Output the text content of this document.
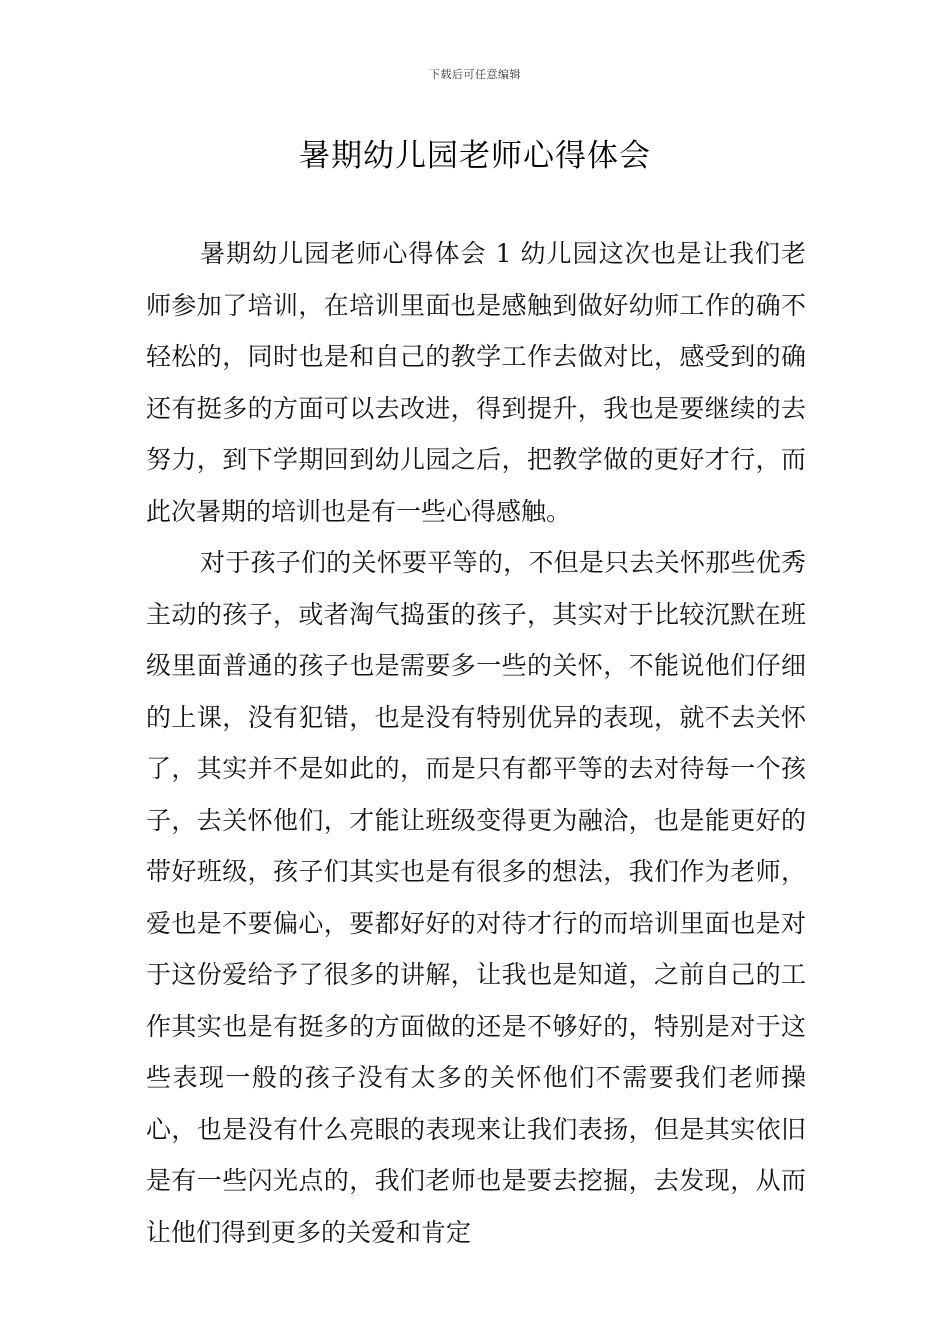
下载后可任意编辑
暑期幼儿园老师心得体会

暑期幼儿园老师心得体会 1 幼儿园这次也是让我们老师参加了培训，在培训里面也是感触到做好幼师工作的确不轻松的，同时也是和自己的教学工作去做对比，感受到的确还有挺多的方面可以去改进，得到提升，我也是要继续的去努力，到下学期回到幼儿园之后，把教学做的更好才行，而此次暑期的培训也是有一些心得感触。

对于孩子们的关怀要平等的，不但是只去关怀那些优秀主动的孩子，或者淘气捣蛋的孩子，其实对于比较沉默在班级里面普通的孩子也是需要多一些的关怀，不能说他们仔细的上课，没有犯错，也是没有特别优异的表现，就不去关怀了，其实并不是如此的，而是只有都平等的去对待每一个孩子，去关怀他们，才能让班级变得更为融洽，也是能更好的带好班级，孩子们其实也是有很多的想法，我们作为老师，爱也是不要偏心，要都好好的对待才行的而培训里面也是对于这份爱给予了很多的讲解，让我也是知道，之前自己的工作其实也是有挺多的方面做的还是不够好的，特别是对于这些表现一般的孩子没有太多的关怀他们不需要我们老师操心，也是没有什么亮眼的表现来让我们表扬，但是其实依旧是有一些闪光点的，我们老师也是要去挖掘，去发现，从而让他们得到更多的关爱和肯定
